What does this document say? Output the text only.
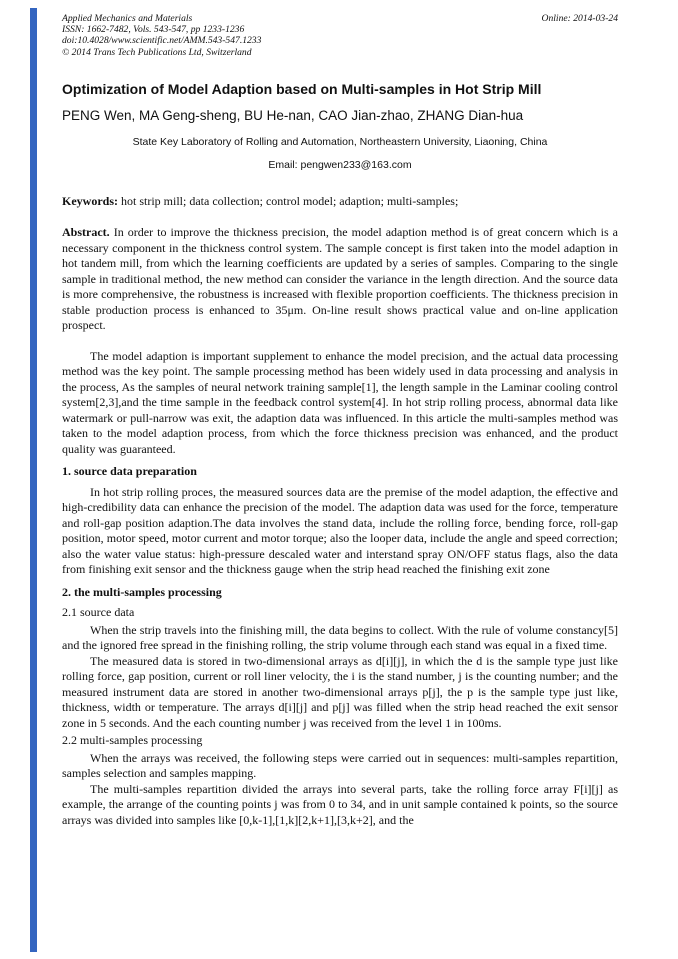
Applied Mechanics and Materials
ISSN: 1662-7482, Vols. 543-547, pp 1233-1236
doi:10.4028/www.scientific.net/AMM.543-547.1233
© 2014 Trans Tech Publications Ltd, Switzerland
Online: 2014-03-24
Optimization of Model Adaption based on Multi-samples in Hot Strip Mill
PENG Wen, MA Geng-sheng, BU He-nan, CAO Jian-zhao, ZHANG Dian-hua
State Key Laboratory of Rolling and Automation, Northeastern University, Liaoning, China
Email: pengwen233@163.com

Keywords: hot strip mill; data collection; control model; adaption; multi-samples;

Abstract. In order to improve the thickness precision, the model adaption method is of great concern which is a necessary component in the thickness control system. The sample concept is first taken into the model adaption in hot tandem mill, from which the learning coefficients are updated by a series of samples. Comparing to the single sample in traditional method, the new method can consider the variance in the length direction. And the source data is more comprehensive, the robustness is increased with flexible proportion coefficients. The thickness precision in stable production process is enhanced to 35μm. On-line result shows practical value and on-line application prospect.

The model adaption is important supplement to enhance the model precision, and the actual data processing method was the key point. The sample processing method has been widely used in data processing and analysis in the process, As the samples of neural network training sample[1], the length sample in the Laminar cooling control system[2,3],and the time sample in the feedback control system[4]. In hot strip rolling process, abnormal data like watermark or pull-narrow was exit, the adaption data was influenced. In this article the multi-samples method was taken to the model adaption process, from which the force thickness precision was enhanced, and the product quality was guaranteed.

1. source data preparation

In hot strip rolling proces, the measured sources data are the premise of the model adaption, the effective and high-credibility data can enhance the precision of the model. The adaption data was used for the force, temperature and roll-gap position adaption.The data involves the stand data, include the rolling force, bending force, roll-gap position, motor speed, motor current and motor torque; also the looper data, include the angle and speed correction; also the water value status: high-pressure descaled water and interstand spray ON/OFF status flags, also the data from finishing exit sensor and the thickness gauge when the strip head reached the finishing exit zone

2. the multi-samples processing
2.1 source data

When the strip travels into the finishing mill, the data begins to collect. With the rule of volume constancy[5] and the ignored free spread in the finishing rolling, the strip volume through each stand was equal in a fixed time.

The measured data is stored in two-dimensional arrays as d[i][j], in which the d is the sample type just like rolling force, gap position, current or roll liner velocity, the i is the stand number, j is the counting number; and the measured instrument data are stored in another two-dimensional arrays p[j], the p is the sample type just like, thickness, width or temperature. The arrays d[i][j] and p[j] was filled when the strip head reached the exit sensor zone in 5 seconds. And the each counting number j was received from the level 1 in 100ms.

2.2 multi-samples processing

When the arrays was received, the following steps were carried out in sequences: multi-samples repartition, samples selection and samples mapping.

The multi-samples repartition divided the arrays into several parts, take the rolling force array F[i][j] as example, the arrange of the counting points j was from 0 to 34, and in unit sample contained k points, so the source arrays was divided into samples like [0,k-1],[1,k][2,k+1],[3,k+2], and the
